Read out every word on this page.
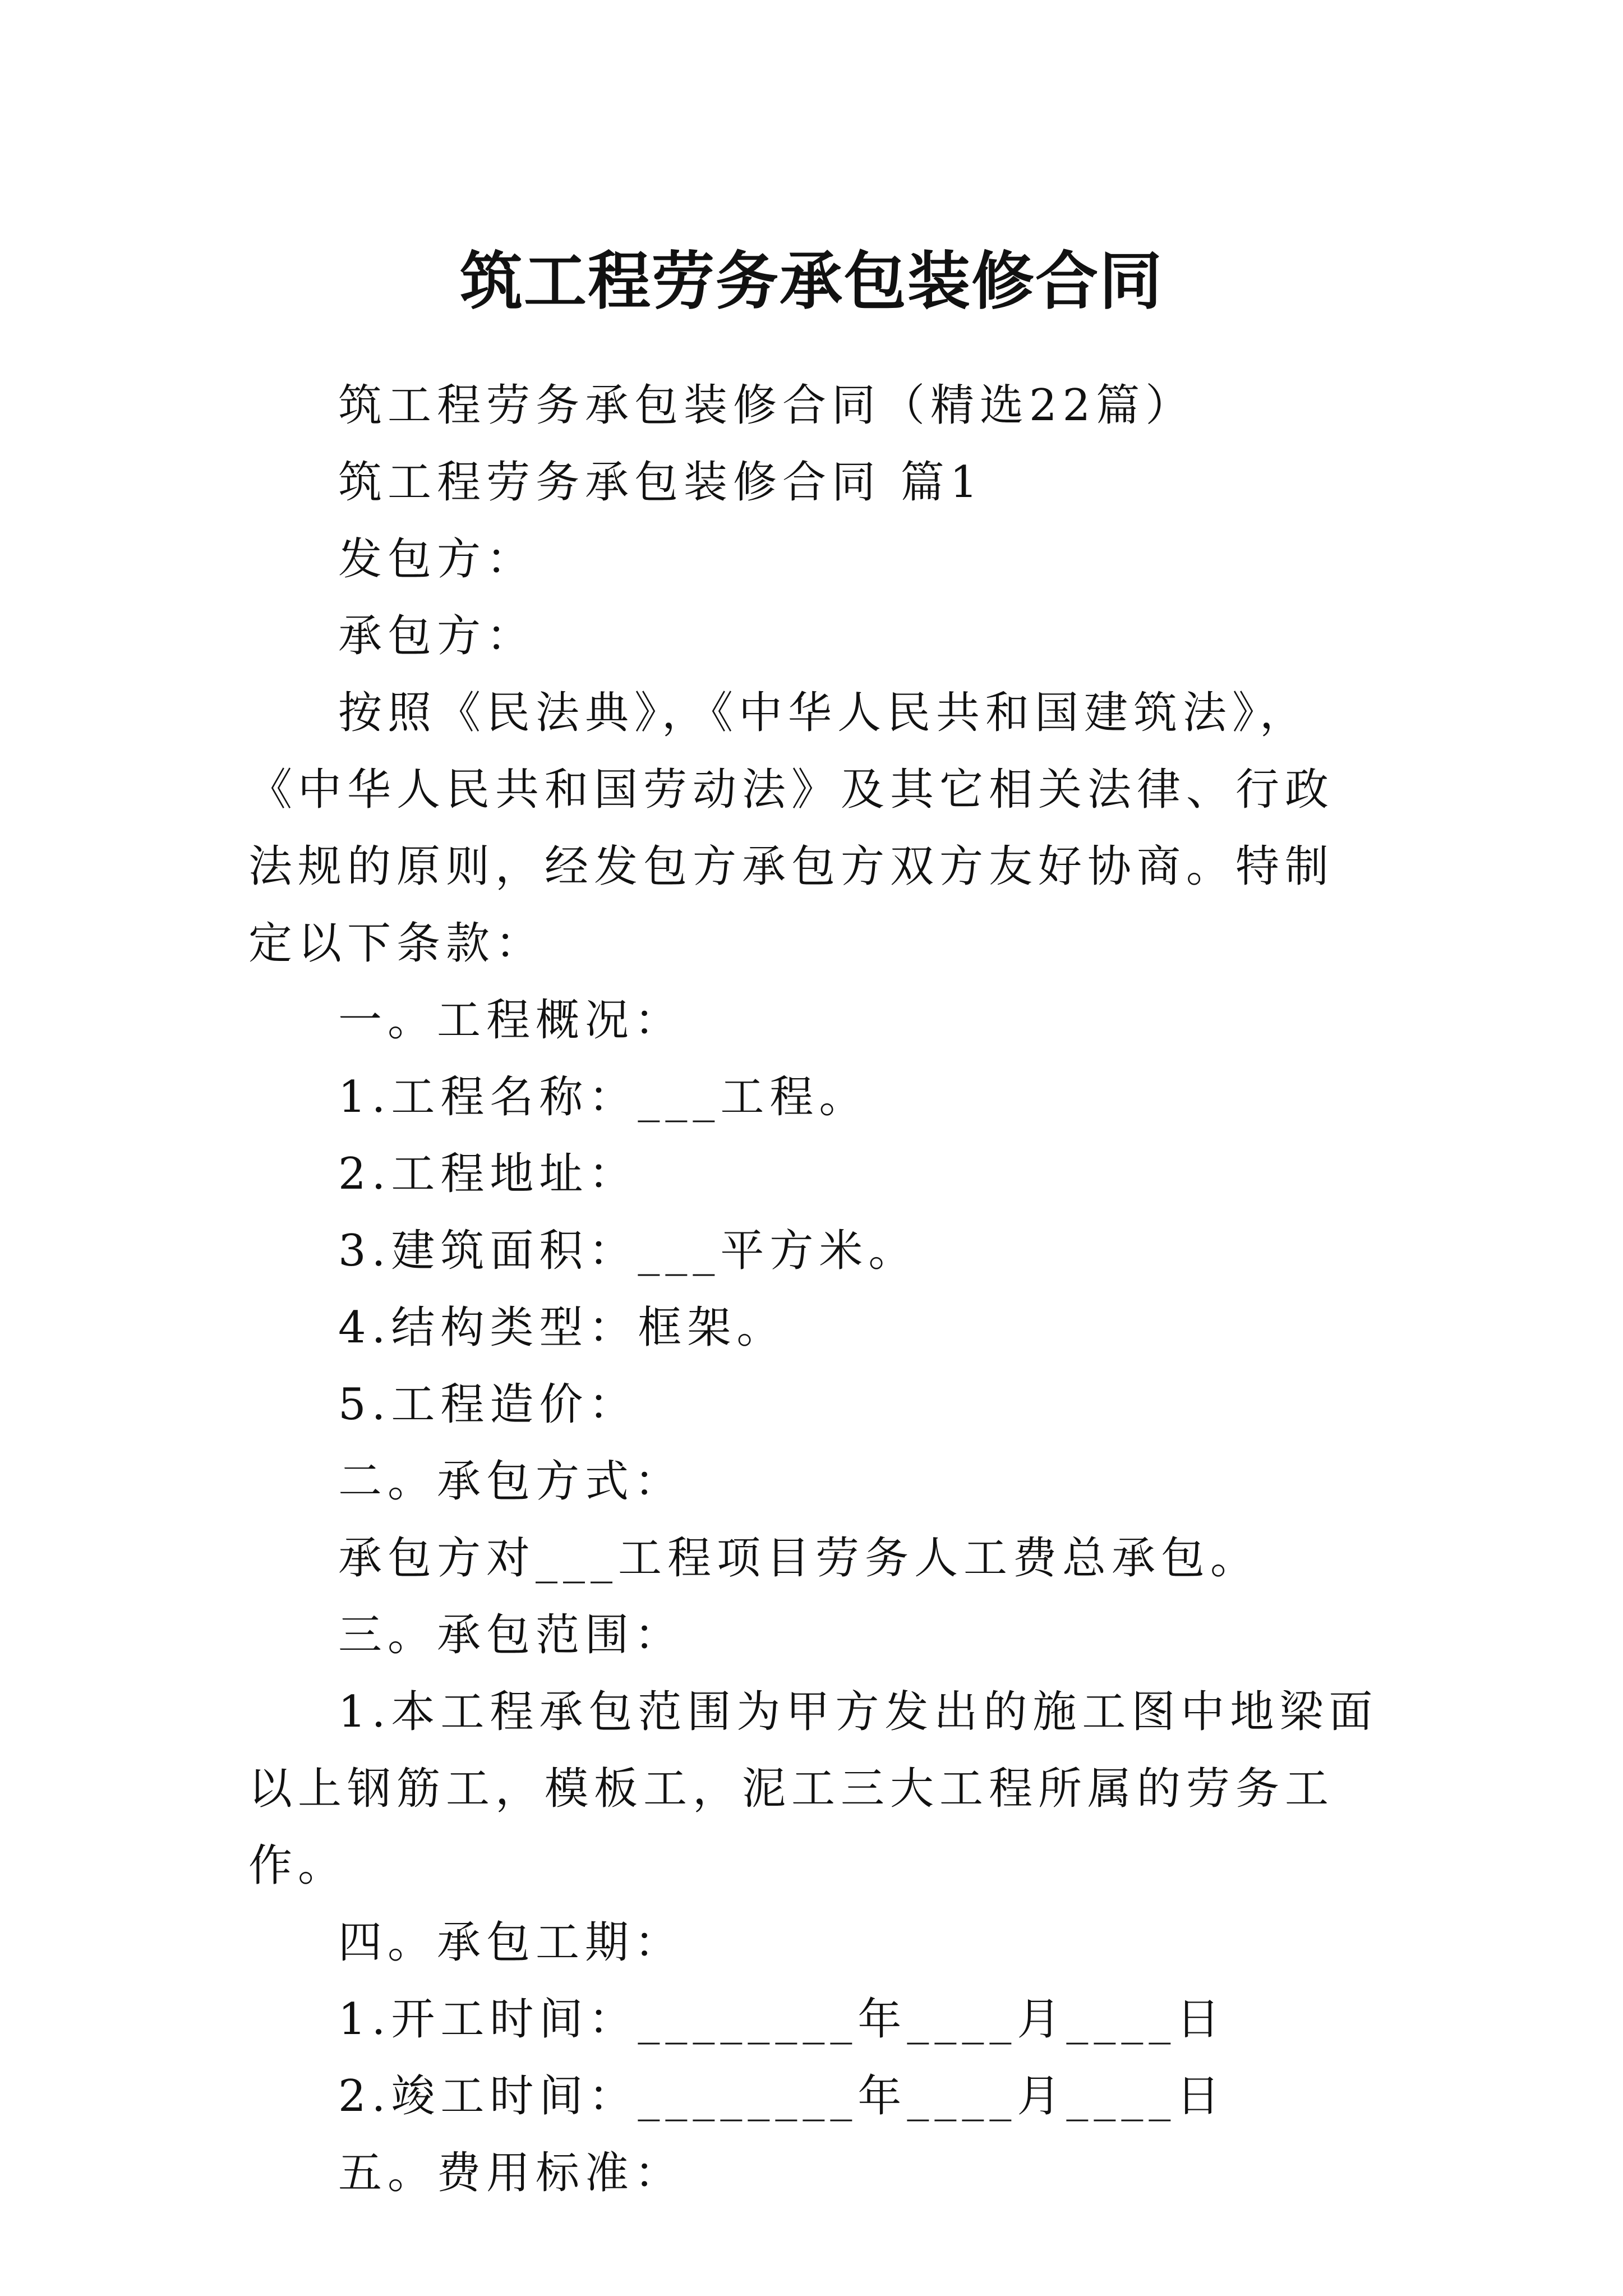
筑工程劳务承包装修合同

筑工程劳务承包装修合同（精选22篇）

筑工程劳务承包装修合同 篇1

发包方：

承包方：

按照《民法典》，《中华人民共和国建筑法》，《中华人民共和国劳动法》及其它相关法律、行政法规的原则，经发包方承包方双方友好协商。特制定以下条款：

一。工程概况：

1.工程名称：___工程。

2.工程地址：

3.建筑面积：___平方米。

4.结构类型：框架。

5.工程造价：

二。承包方式：

承包方对___工程项目劳务人工费总承包。

三。承包范围：

1.本工程承包范围为甲方发出的施工图中地梁面以上钢筋工，模板工，泥工三大工程所属的劳务工作。

四。承包工期：

1.开工时间：________年____月____日

2.竣工时间：________年____月____日

五。费用标准：
